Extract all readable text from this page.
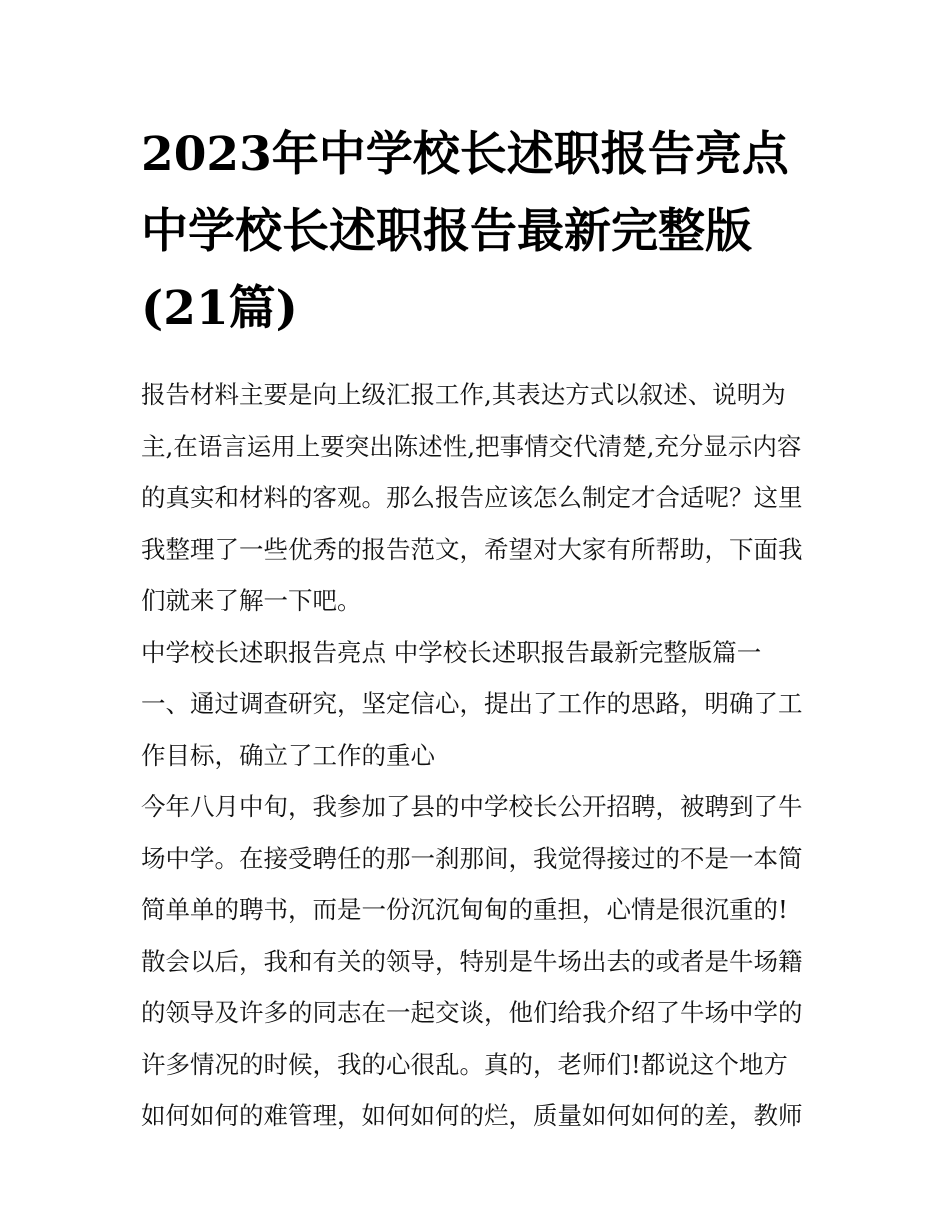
2023年中学校长述职报告亮点
中学校长述职报告最新完整版
(21篇)
报告材料主要是向上级汇报工作,其表达方式以叙述、说明为
主,在语言运用上要突出陈述性,把事情交代清楚,充分显示内容
的真实和材料的客观。那么报告应该怎么制定才合适呢？这里
我整理了一些优秀的报告范文，希望对大家有所帮助，下面我
们就来了解一下吧。
中学校长述职报告亮点 中学校长述职报告最新完整版篇一
一、通过调查研究，坚定信心，提出了工作的思路，明确了工
作目标，确立了工作的重心
今年八月中旬，我参加了县的中学校长公开招聘，被聘到了牛
场中学。在接受聘任的那一刹那间，我觉得接过的不是一本简
简单单的聘书，而是一份沉沉甸甸的重担，心情是很沉重的!
散会以后，我和有关的领导，特别是牛场出去的或者是牛场籍
的领导及许多的同志在一起交谈，他们给我介绍了牛场中学的
许多情况的时候，我的心很乱。真的，老师们!都说这个地方
如何如何的难管理，如何如何的烂，质量如何如何的差，教师
